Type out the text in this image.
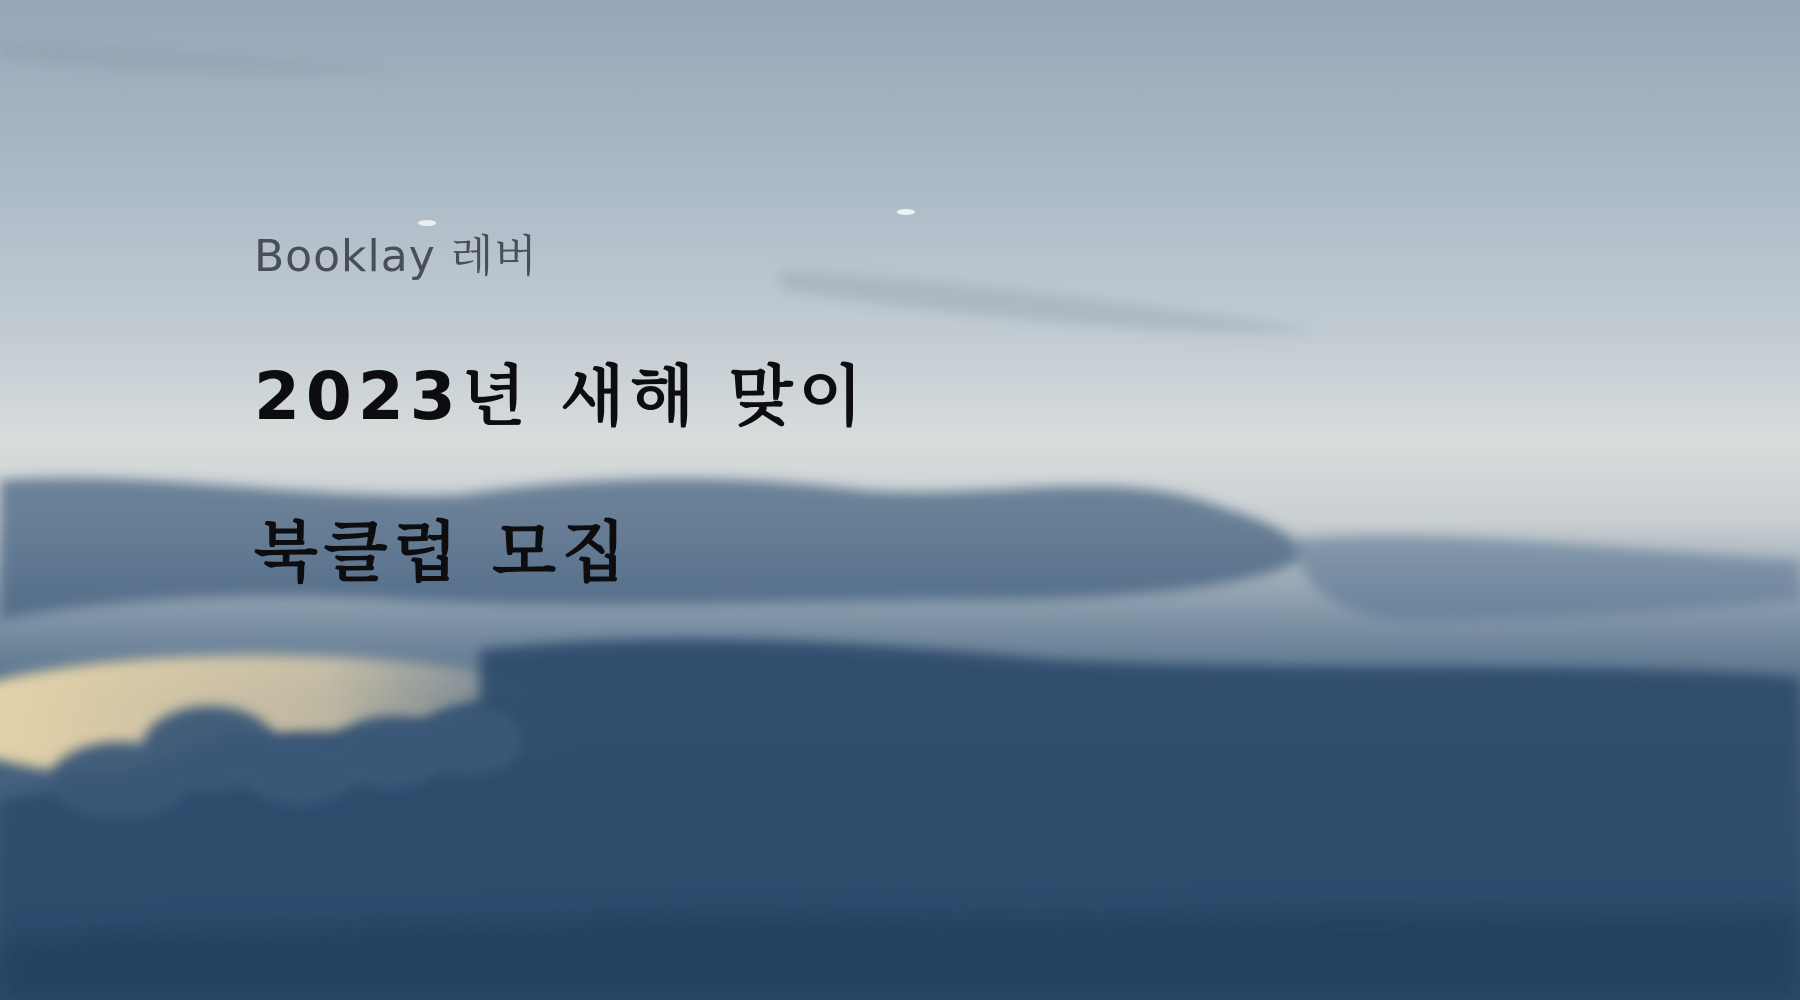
Booklay 레버

2023년 새해 맞이
북클럽 모집
